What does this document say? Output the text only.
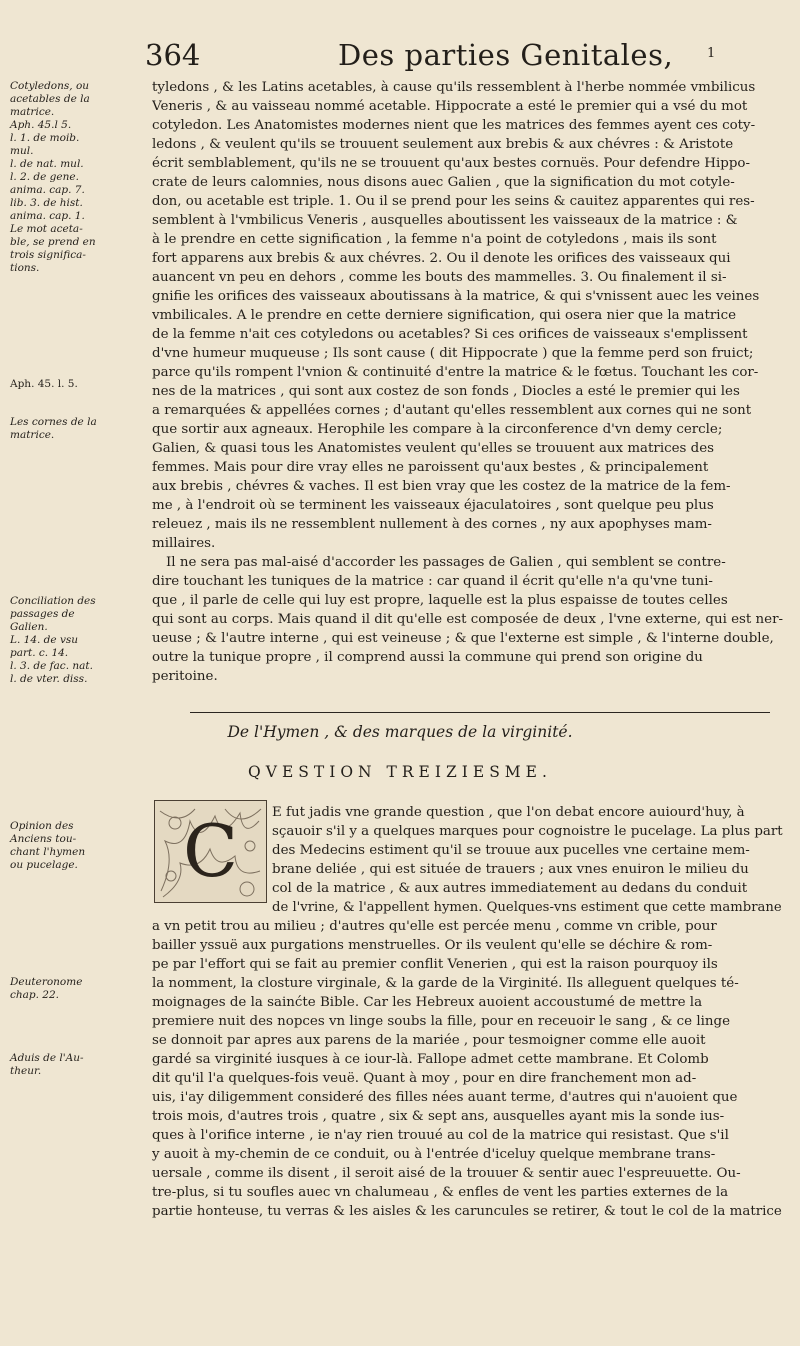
364	Des parties Genitales,	1
Cotyledons, ou
acetables de la
matrice.
Aph. 45.l 5.
l. 1. de moib.
mul.
l. de nat. mul.
l. 2. de gene.
anima. cap. 7.
lib. 3. de hist.
anima. cap. 1.
Le mot aceta-
ble, se prend en
trois significa-
tions.
Aph. 45. l. 5.
Les cornes de la
matrice.
Conciliation des
passages de
Galien.
L. 14. de vsu
part. c. 14.
l. 3. de fac. nat.
l. de vter. diss.
Opinion des
Anciens tou-
chant l'hymen
ou pucelage.
Deuteronome
chap. 22.
Aduis de l'Au-
theur.
tyledons , & les Latins acetables, à cause qu'ils ressemblent à l'herbe nommée vmbilicus
Veneris , & au vaisseau nommé acetable. Hippocrate a esté le premier qui a vsé du mot
cotyledon. Les Anatomistes modernes nient que les matrices des femmes ayent ces coty-
ledons , & veulent qu'ils se trouuent seulement aux brebis & aux chévres : & Aristote
écrit semblablement, qu'ils ne se trouuent qu'aux bestes cornuës. Pour defendre Hippo-
crate de leurs calomnies, nous disons auec Galien , que la signification du mot cotyle-
don, ou acetable est triple. 1. Ou il se prend pour les seins & cauitez apparentes qui res-
semblent à l'vmbilicus Veneris , ausquelles aboutissent les vaisseaux de la matrice : &
à le prendre en cette signification , la femme n'a point de cotyledons , mais ils sont
fort apparens aux brebis & aux chévres. 2. Ou il denote les orifices des vaisseaux qui
auancent vn peu en dehors , comme les bouts des mammelles. 3. Ou finalement il si-
gnifie les orifices des vaisseaux aboutissans à la matrice, & qui s'vnissent auec les veines
vmbilicales. A le prendre en cette derniere signification, qui osera nier que la matrice
de la femme n'ait ces cotyledons ou acetables? Si ces orifices de vaisseaux s'emplissent
d'vne humeur muqueuse ; Ils sont cause ( dit Hippocrate ) que la femme perd son fruict;
parce qu'ils rompent l'vnion & continuité d'entre la matrice & le fœtus. Touchant les cor-
nes de la matrices , qui sont aux costez de son fonds , Diocles a esté le premier qui les
a remarquées & appellées cornes ; d'autant qu'elles ressemblent aux cornes qui ne sont
que sortir aux agneaux. Herophile les compare à la circonference d'vn demy cercle;
Galien, & quasi tous les Anatomistes veulent qu'elles se trouuent aux matrices des
femmes. Mais pour dire vray elles ne paroissent qu'aux bestes , & principalement
aux brebis , chévres & vaches. Il est bien vray que les costez de la matrice de la fem-
me , à l'endroit où se terminent les vaisseaux éjaculatoires , sont quelque peu plus
releuez , mais ils ne ressemblent nullement à des cornes , ny aux apophyses mam-
millaires.
Il ne sera pas mal-aisé d'accorder les passages de Galien , qui semblent se contre-
dire touchant les tuniques de la matrice : car quand il écrit qu'elle n'a qu'vne tuni-
que , il parle de celle qui luy est propre, laquelle est la plus espaisse de toutes celles
qui sont au corps. Mais quand il dit qu'elle est composée de deux , l'vne externe, qui est ner-
ueuse ; & l'autre interne , qui est veineuse ; & que l'externe est simple , & l'interne double,
outre la tunique propre , il comprend aussi la commune qui prend son origine du
peritoine.
De l'Hymen , & des marques de la virginité.
QVESTION TREIZIESME.
C	E fut jadis vne grande question , que l'on debat encore auiourd'huy, à
sçauoir s'il y a quelques marques pour cognoistre le pucelage. La plus part
des Medecins estiment qu'il se trouue aux pucelles vne certaine mem-
brane deliée , qui est située de trauers ; aux vnes enuiron le milieu du
col de la matrice , & aux autres immediatement au dedans du conduit
de l'vrine, & l'appellent hymen. Quelques-vns estiment que cette mambrane
a vn petit trou au milieu ; d'autres qu'elle est percée menu , comme vn crible, pour
bailler yssuë aux purgations menstruelles. Or ils veulent qu'elle se déchire & rom-
pe par l'effort qui se fait au premier conflit Venerien , qui est la raison pourquoy ils
la nomment, la closture virginale, & la garde de la Virginité. Ils alleguent quelques té-
moignages de la sainćte Bible. Car les Hebreux auoient accoustumé de mettre la
premiere nuit des nopces vn linge soubs la fille, pour en receuoir le sang , & ce linge
se donnoit par apres aux parens de la mariée , pour tesmoigner comme elle auoit
gardé sa virginité iusques à ce iour-là. Fallope admet cette mambrane. Et Colomb
dit qu'il l'a quelques-fois veuë. Quant à moy , pour en dire franchement mon ad-
uis, i'ay diligemment consideré des filles nées auant terme, d'autres qui n'auoient que
trois mois, d'autres trois , quatre , six & sept ans, ausquelles ayant mis la sonde ius-
ques à l'orifice interne , ie n'ay rien trouué au col de la matrice qui resistast. Que s'il
y auoit à my-chemin de ce conduit, ou à l'entrée d'iceluy quelque membrane trans-
uersale , comme ils disent , il seroit aisé de la trouuer & sentir auec l'espreuuette. Ou-
tre-plus, si tu soufles auec vn chalumeau , & enfles de vent les parties externes de la
partie honteuse, tu verras & les aisles & les caruncules se retirer, & tout le col de la matrice
